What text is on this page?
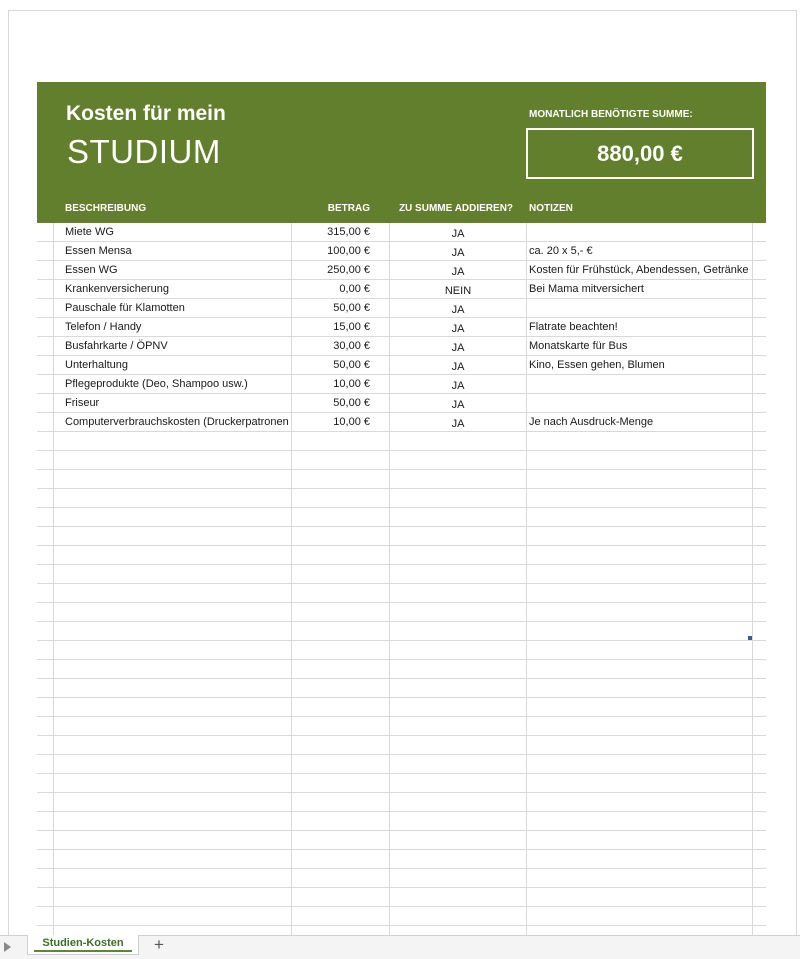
Kosten für mein
STUDIUM
MONATLICH BENÖTIGTE SUMME:
880,00 €
BESCHREIBUNG	BETRAG	ZU SUMME ADDIEREN?	NOTIZEN
Miete WG	315,00 €	JA
Essen Mensa	100,00 €	JA	ca. 20 x 5,- €
Essen WG	250,00 €	JA	Kosten für Frühstück, Abendessen, Getränke
Krankenversicherung	0,00 €	NEIN	Bei Mama mitversichert
Pauschale für Klamotten	50,00 €	JA
Telefon / Handy	15,00 €	JA	Flatrate beachten!
Busfahrkarte / ÖPNV	30,00 €	JA	Monatskarte für Bus
Unterhaltung	50,00 €	JA	Kino, Essen gehen, Blumen
Pflegeprodukte (Deo, Shampoo usw.)	10,00 €	JA
Friseur	50,00 €	JA
Computerverbrauchskosten (Druckerpatronen	10,00 €	JA	Je nach Ausdruck-Menge
Studien-Kosten	+
